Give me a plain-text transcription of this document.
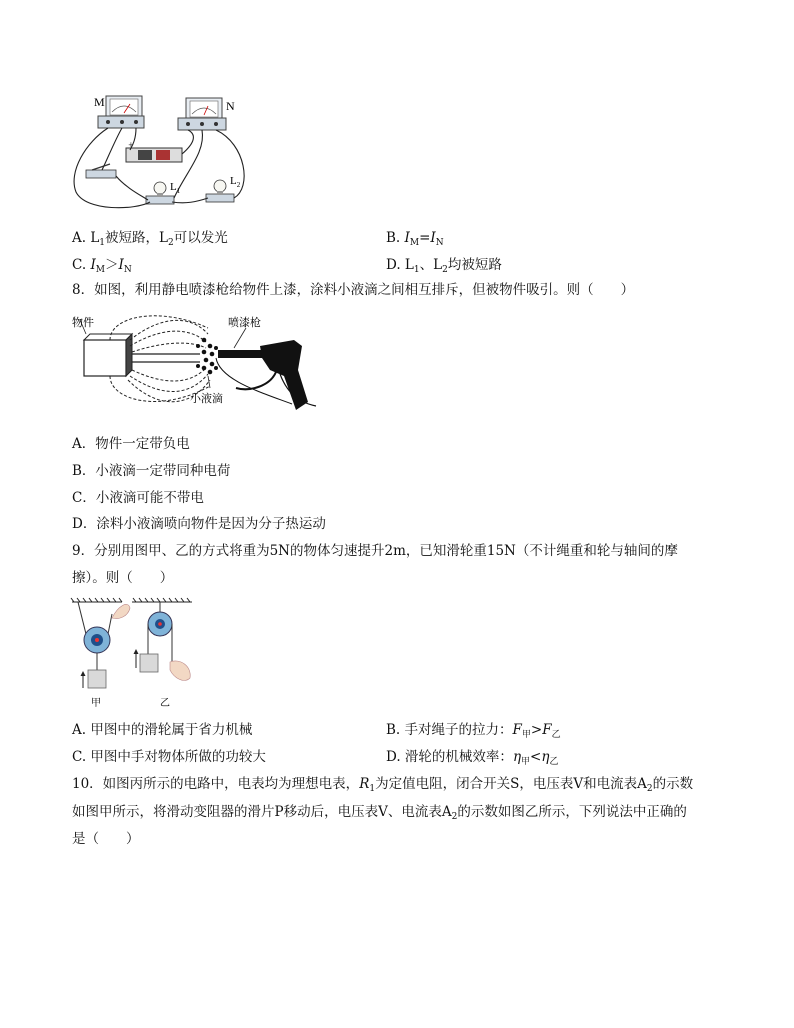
+
M	N
$L_1$
$L_2$
A. $L_1$被短路，$L_2$可以发光	B. $I_M=I_N$
C. $I_M>I_N$	D. $L_1$、$L_2$均被短路
8．如图，利用静电喷漆枪给物件上漆，涂料小液滴之间相互排斥，但被物件吸引。则（　　）
物件	喷漆枪
小液滴
A．物件一定带负电
B．小液滴一定带同种电荷
C．小液滴可能不带电
D．涂料小液滴喷向物件是因为分子热运动
9．分别用图甲、乙的方式将重为5N的物体匀速提升2m，已知滑轮重15N（不计绳重和轮与轴间的摩
擦）。则（　　）
甲	乙
A. 甲图中的滑轮属于省力机械	B. 手对绳子的拉力：$F_甲>F_乙$
C. 甲图中手对物体所做的功较大	D. 滑轮的机械效率：$\eta_甲<\eta_乙$
10．如图丙所示的电路中，电表均为理想电表，$R_1$为定值电阻，闭合开关S，电压表V和电流表$A_2$的示数
如图甲所示，将滑动变阻器的滑片P移动后，电压表V、电流表$A_2$的示数如图乙所示，下列说法中正确的
是（　　）
